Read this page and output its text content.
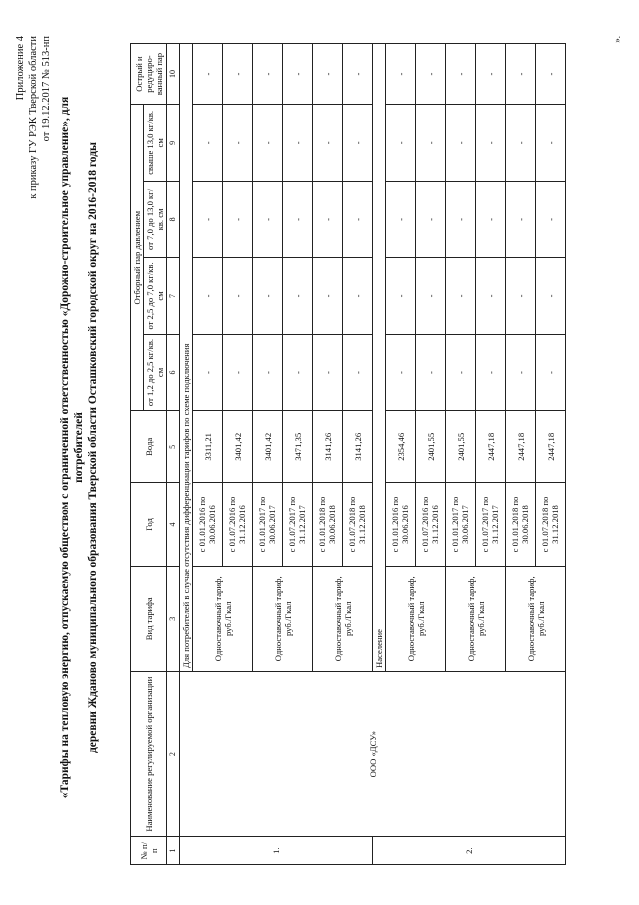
Приложение 4 к приказу ГУ РЭК Тверской области от 19.12.2017 № 513-нп
«Тарифы на тепловую энергию, отпускаемую обществом с ограниченной ответственностью «Дорожно-строительное управление», для потребителей деревни Жданово муниципального образования Тверской области Осташковский городской округ на 2016-2018 годы
№ п/ п	Наименование регулируемой организации	Вид тарифа	Год	Вода	Отборный пар давлением				Острый и редуциро- ванный пар
					от 1,2 до 2,5 кг/кв. см	от 2,5 до 7,0 кг/кв. см	от 7,0 до 13,0 кг/кв. см	свыше 13,0 кг/кв. см	
1	2	3	4	5	6	7	8	9	10
1.	ООО «ДСУ»	Для потребителей в случае отсутствия дифференциации тарифов по схеме подключения							
		Одноставочный тариф, руб./Гкал	с 01.01.2016 по 30.06.2016	3311,21	-	-	-	-	-
			с 01.07.2016 по 31.12.2016	3401,42	-	-	-	-	-
		Одноставочный тариф, руб./Гкал	с 01.01.2017 по 30.06.2017	3401,42	-	-	-	-	-
			с 01.07.2017 по 31.12.2017	3471,35	-	-	-	-	-
		Одноставочный тариф, руб./Гкал	с 01.01.2018 по 30.06.2018	3141,26	-	-	-	-	-
			с 01.07.2018 по 31.12.2018	3141,26	-	-	-	-	-
2.		Население							
		Одноставочный тариф, руб./Гкал	с 01.01.2016 по 30.06.2016	2354,46	-	-	-	-	-
			с 01.07.2016 по 31.12.2016	2401,55	-	-	-	-	-
		Одноставочный тариф, руб./Гкал	с 01.01.2017 по 30.06.2017	2401,55	-	-	-	-	-
			с 01.07.2017 по 31.12.2017	2447,18	-	-	-	-	-
		Одноставочный тариф, руб./Гкал	с 01.01.2018 по 30.06.2018	2447,18	-	-	-	-	-
			с 01.07.2018 по 31.12.2018	2447,18	-	-	-	-	-
».
